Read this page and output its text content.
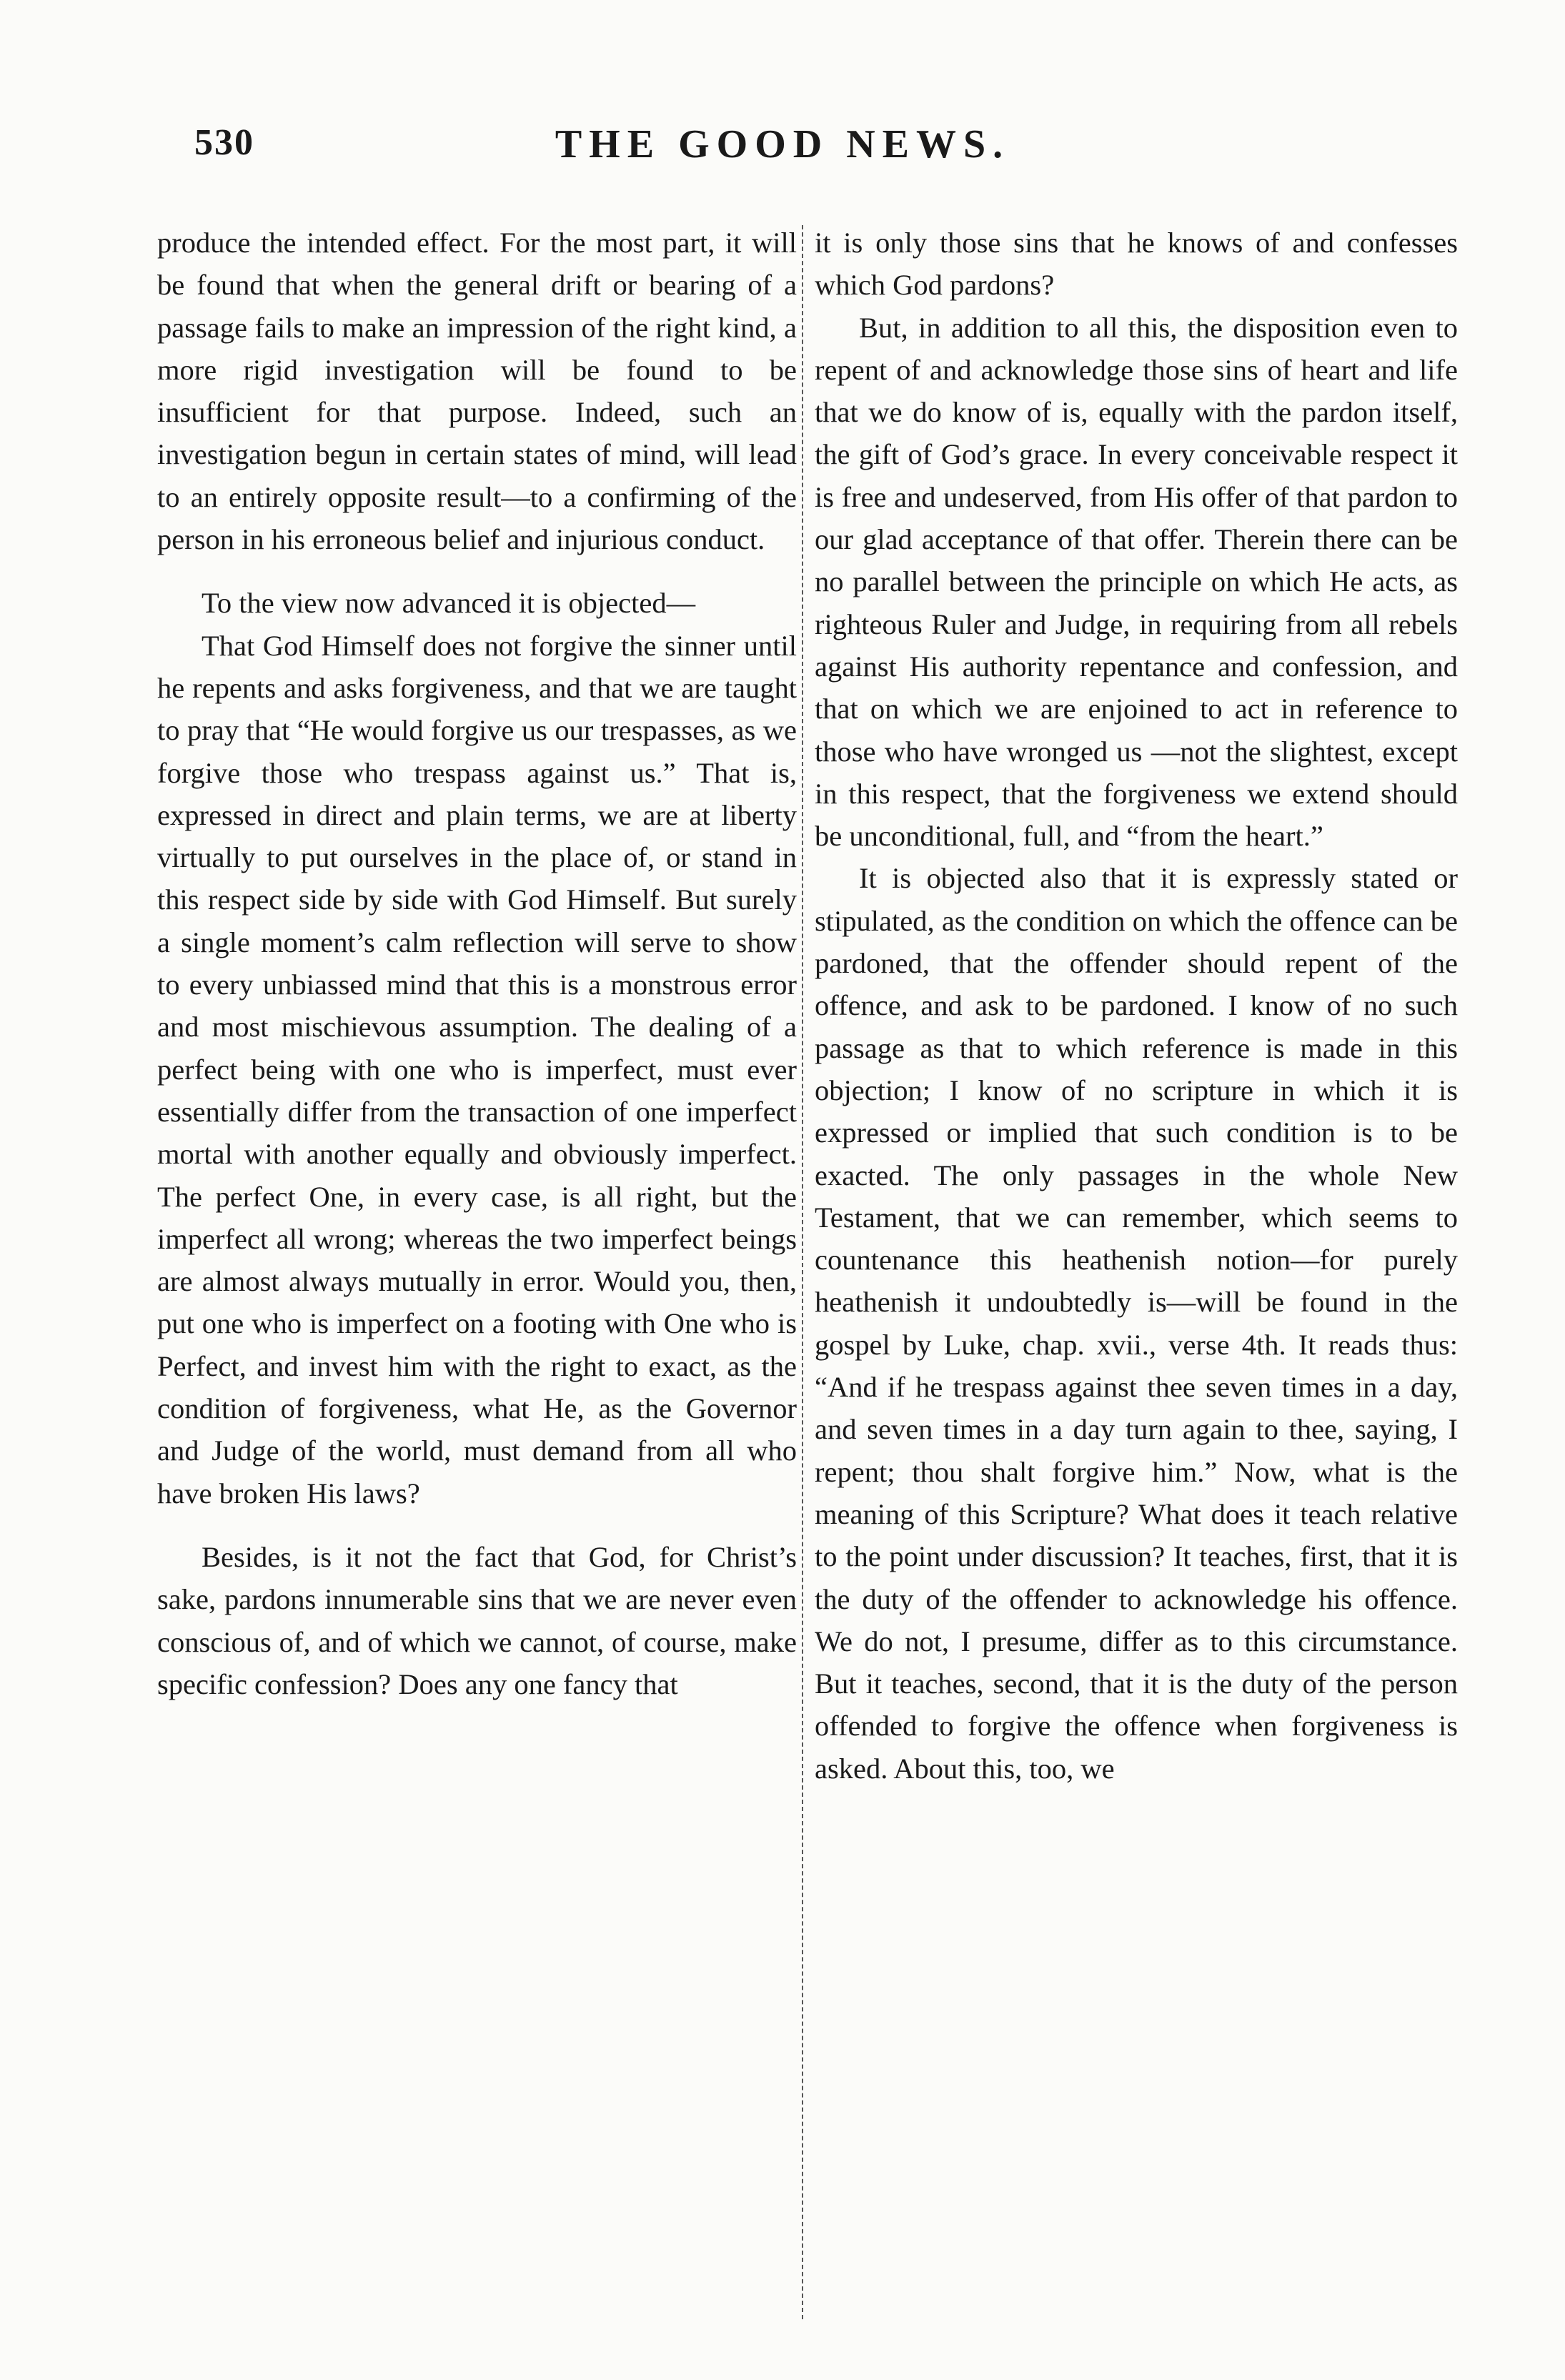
530	THE GOOD NEWS.

produce the intended effect. For the most part, it will be found that when the general drift or bearing of a passage fails to make an impression of the right kind, a more rigid investigation will be found to be insufficient for that purpose. Indeed, such an investigation begun in certain states of mind, will lead to an entirely opposite result—to a confirming of the person in his erroneous belief and injurious conduct.

To the view now advanced it is objected—

That God Himself does not forgive the sinner until he repents and asks forgiveness, and that we are taught to pray that “He would forgive us our trespasses, as we forgive those who trespass against us.” That is, expressed in direct and plain terms, we are at liberty virtually to put ourselves in the place of, or stand in this respect side by side with God Himself. But surely a single moment’s calm reflection will serve to show to every unbiassed mind that this is a monstrous error and most mischievous assumption. The dealing of a perfect being with one who is imperfect, must ever essentially differ from the transaction of one imperfect mortal with another equally and obviously imperfect. The perfect One, in every case, is all right, but the imperfect all wrong; whereas the two imperfect beings are almost always mutually in error. Would you, then, put one who is imperfect on a footing with One who is Perfect, and invest him with the right to exact, as the condition of forgiveness, what He, as the Governor and Judge of the world, must demand from all who have broken His laws?

Besides, is it not the fact that God, for Christ’s sake, pardons innumerable sins that we are never even conscious of, and of which we cannot, of course, make specific confession? Does any one fancy that

it is only those sins that he knows of and confesses which God pardons?

But, in addition to all this, the disposition even to repent of and acknowledge those sins of heart and life that we do know of is, equally with the pardon itself, the gift of God’s grace. In every conceivable respect it is free and undeserved, from His offer of that pardon to our glad acceptance of that offer. Therein there can be no parallel between the principle on which He acts, as righteous Ruler and Judge, in requiring from all rebels against His authority repentance and confession, and that on which we are enjoined to act in reference to those who have wronged us —not the slightest, except in this respect, that the forgiveness we extend should be unconditional, full, and “from the heart.”

It is objected also that it is expressly stated or stipulated, as the condition on which the offence can be pardoned, that the offender should repent of the offence, and ask to be pardoned. I know of no such passage as that to which reference is made in this objection; I know of no scripture in which it is expressed or implied that such condition is to be exacted. The only passages in the whole New Testament, that we can remember, which seems to countenance this heathenish notion—for purely heathenish it undoubtedly is—will be found in the gospel by Luke, chap. xvii., verse 4th. It reads thus: “And if he trespass against thee seven times in a day, and seven times in a day turn again to thee, saying, I repent; thou shalt forgive him.” Now, what is the meaning of this Scripture? What does it teach relative to the point under discussion? It teaches, first, that it is the duty of the offender to acknowledge his offence. We do not, I presume, differ as to this circumstance. But it teaches, second, that it is the duty of the person offended to forgive the offence when forgiveness is asked. About this, too, we
